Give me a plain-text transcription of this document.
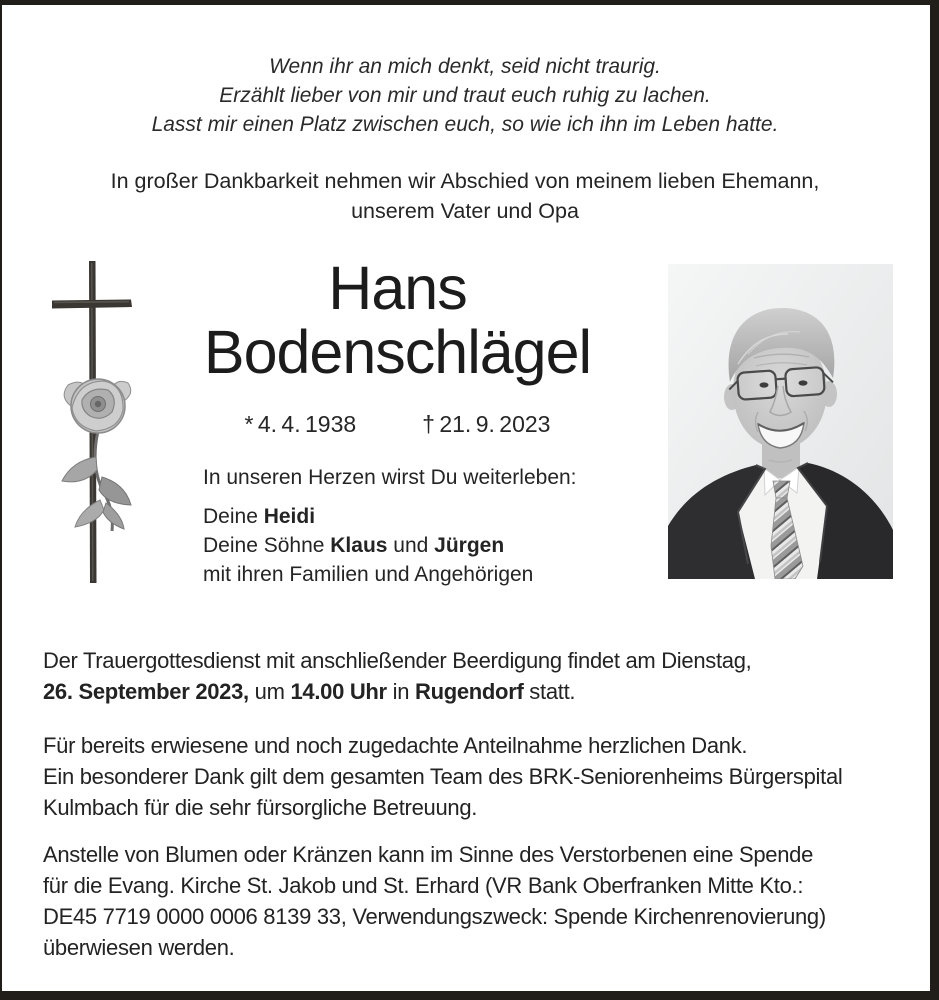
Wenn ihr an mich denkt, seid nicht traurig.
Erzählt lieber von mir und traut euch ruhig zu lachen.
Lasst mir einen Platz zwischen euch, so wie ich ihn im Leben hatte.
In großer Dankbarkeit nehmen wir Abschied von meinem lieben Ehemann,
unserem Vater und Opa
Hans
Bodenschlägel
* 4. 4. 1938	† 21. 9. 2023

In unseren Herzen wirst Du weiterleben:

Deine Heidi

Deine Söhne Klaus und Jürgen

mit ihren Familien und Angehörigen

Der Trauergottesdienst mit anschließender Beerdigung findet am Dienstag,

26. September 2023, um 14.00 Uhr in Rugendorf statt.

Für bereits erwiesene und noch zugedachte Anteilnahme herzlichen Dank.

Ein besonderer Dank gilt dem gesamten Team des BRK-Seniorenheims Bürgerspital

Kulmbach für die sehr fürsorgliche Betreuung.

Anstelle von Blumen oder Kränzen kann im Sinne des Verstorbenen eine Spende

für die Evang. Kirche St. Jakob und St. Erhard (VR Bank Oberfranken Mitte Kto.:

DE45 7719 0000 0006 8139 33, Verwendungszweck: Spende Kirchenrenovierung)

überwiesen werden.
